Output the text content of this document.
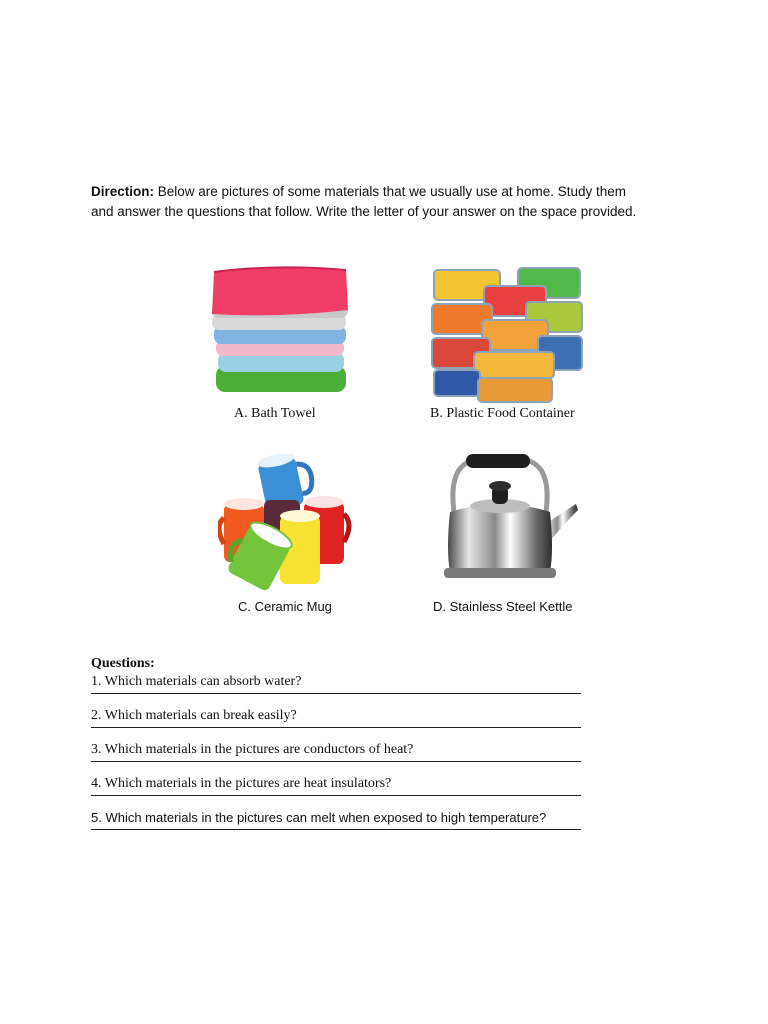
Direction: Below are pictures of some materials that we usually use at home. Study them and answer the questions that follow. Write the letter of your answer on the space provided.
A. Bath Towel	B. Plastic Food Container
C. Ceramic Mug	D. Stainless Steel Kettle
Questions:
1. Which materials can absorb water?
2. Which materials can break easily?
3. Which materials in the pictures are conductors of heat?
4. Which materials in the pictures are heat insulators?
5. Which materials in the pictures can melt when exposed to high temperature?
